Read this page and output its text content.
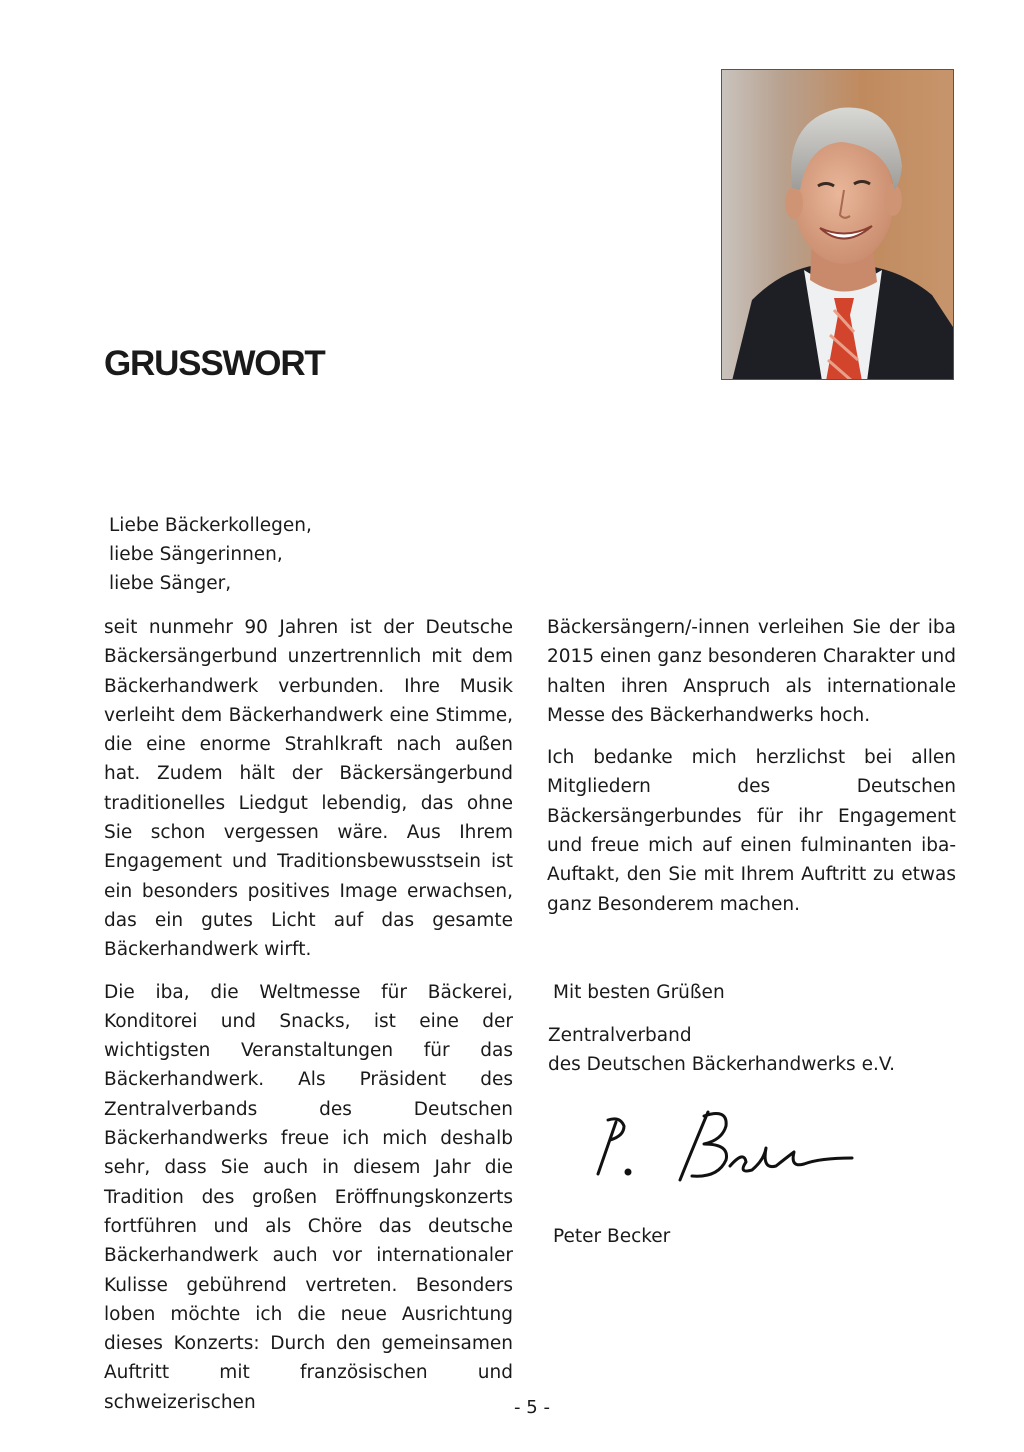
GRUSSWORT
Liebe Bäckerkollegen,
liebe Sängerinnen,
liebe Sänger,

seit nunmehr 90 Jahren ist der Deutsche Bäckersängerbund unzertrennlich mit dem Bäckerhandwerk verbunden. Ihre Musik verleiht dem Bäckerhandwerk eine Stimme, die eine enorme Strahlkraft nach außen hat. Zudem hält der Bäckersängerbund traditionelles Liedgut lebendig, das ohne Sie schon vergessen wäre. Aus Ihrem Engagement und Traditionsbewusstsein ist ein besonders positives Image erwachsen, das ein gutes Licht auf das gesamte Bäckerhandwerk wirft.

Die iba, die Weltmesse für Bäckerei, Konditorei und Snacks, ist eine der wichtigsten Veranstaltungen für das Bäckerhandwerk. Als Präsident des Zentralverbands des Deutschen Bäckerhandwerks freue ich mich deshalb sehr, dass Sie auch in diesem Jahr die Tradition des großen Eröffnungskonzerts fortführen und als Chöre das deutsche Bäckerhandwerk auch vor internationaler Kulisse gebührend vertreten. Besonders loben möchte ich die neue Ausrichtung dieses Konzerts: Durch den gemeinsamen Auftritt mit französischen und schweizerischen

Bäckersängern/-innen verleihen Sie der iba 2015 einen ganz besonderen Charakter und halten ihren Anspruch als internationale Messe des Bäckerhandwerks hoch.

Ich bedanke mich herzlichst bei allen Mitgliedern des Deutschen Bäckersängerbundes für ihr Engagement und freue mich auf einen fulminanten iba-Auftakt, den Sie mit Ihrem Auftritt zu etwas ganz Besonderem machen.

Mit besten Grüßen
Zentralverband
des Deutschen Bäckerhandwerks e.V.
Peter Becker
- 5 -
